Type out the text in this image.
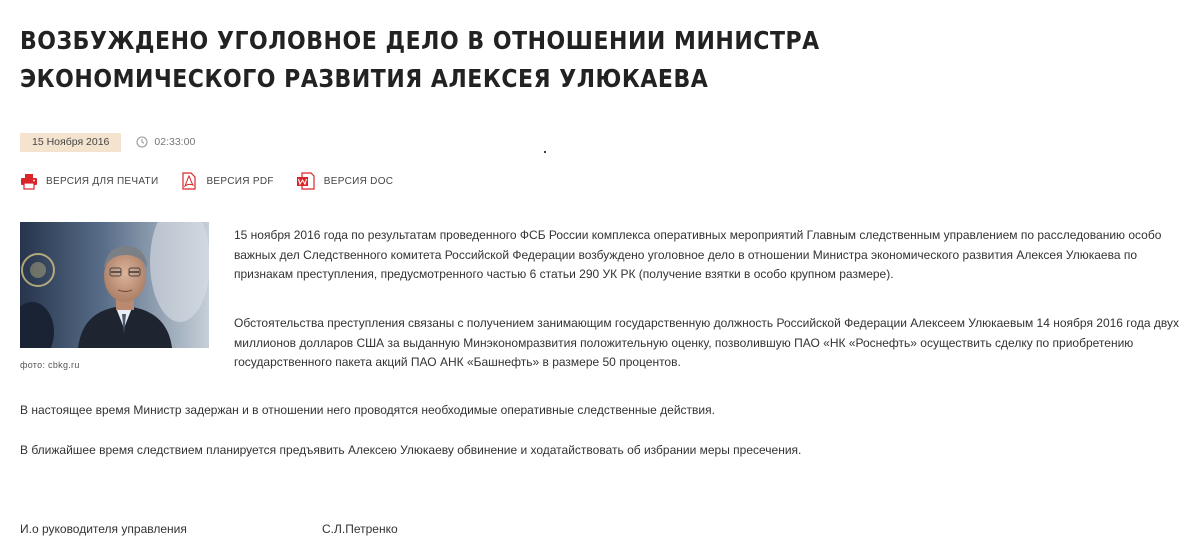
ВОЗБУЖДЕНО УГОЛОВНОЕ ДЕЛО В ОТНОШЕНИИ МИНИСТРА ЭКОНОМИЧЕСКОГО РАЗВИТИЯ АЛЕКСЕЯ УЛЮКАЕВА
15 Ноября 2016	02:33:00
ВЕРСИЯ ДЛЯ ПЕЧАТИ	ВЕРСИЯ PDF	ВЕРСИЯ DOC
фото: cbkg.ru

15 ноября 2016 года по результатам проведенного ФСБ России комплекса оперативных мероприятий Главным следственным управлением по расследованию особо важных дел Следственного комитета Российской Федерации возбуждено уголовное дело в отношении Министра экономического развития Алексея Улюкаева по признакам преступления, предусмотренного частью 6 статьи 290 УК РК (получение взятки в особо крупном размере).

Обстоятельства преступления связаны с получением занимающим государственную должность Российской Федерации Алексеем Улюкаевым 14 ноября 2016 года двух миллионов долларов США за выданную Минэкономразвития положительную оценку, позволившую ПАО «НК «Роснефть» осуществить сделку по приобретению государственного пакета акций ПАО АНК «Башнефть» в размере 50 процентов.

В настоящее время Министр задержан и в отношении него проводятся необходимые оперативные следственные действия.

В ближайшее время следствием планируется предъявить Алексею Улюкаеву обвинение и ходатайствовать об избрании меры пресечения.

И.о руководителя управления	С.Л.Петренко
